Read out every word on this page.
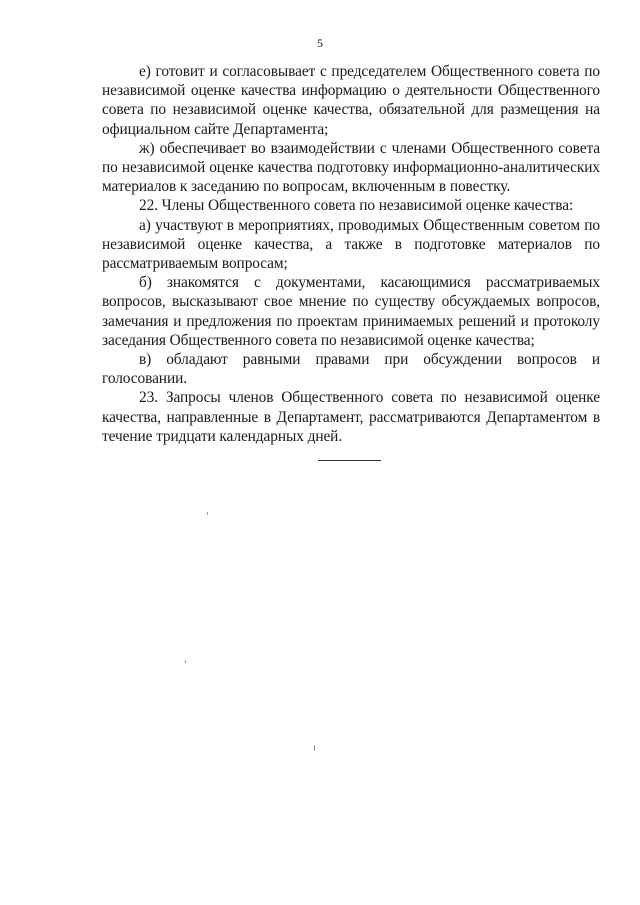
5

е) готовит и согласовывает с председателем Общественного совета по независимой оценке качества информацию о деятельности Общественного совета по независимой оценке качества, обязательной для размещения на официальном сайте Департамента;

ж) обеспечивает во взаимодействии с членами Общественного совета по независимой оценке качества подготовку информационно-аналитических материалов к заседанию по вопросам, включенным в повестку.

22. Члены Общественного совета по независимой оценке качества:

а) участвуют в мероприятиях, проводимых Общественным советом по независимой оценке качества, а также в подготовке материалов по рассматриваемым вопросам;

б) знакомятся с документами, касающимися рассматриваемых вопросов, высказывают свое мнение по существу обсуждаемых вопросов, замечания и предложения по проектам принимаемых решений и протоколу заседания Общественного совета по независимой оценке качества;

в) обладают равными правами при обсуждении вопросов и голосовании.

23. Запросы членов Общественного совета по независимой оценке качества, направленные в Департамент, рассматриваются Департаментом в течение тридцати календарных дней.
